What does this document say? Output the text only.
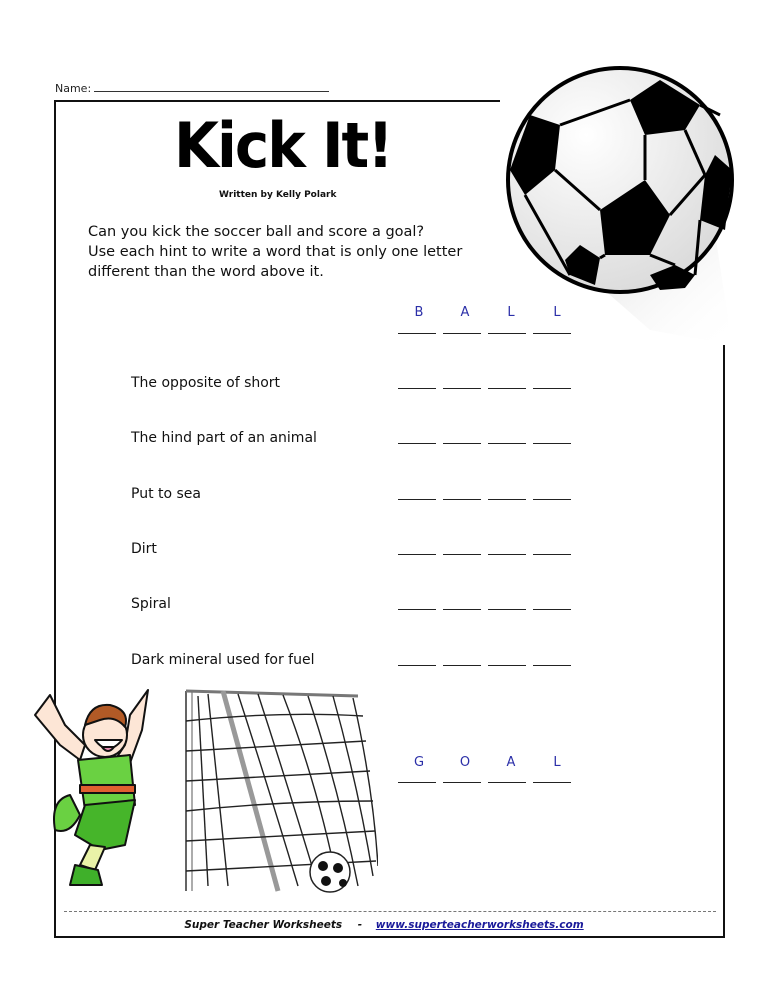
Name:
Kick It!
Written by Kelly Polark
Can you kick the soccer ball and score a goal?
Use each hint to write a word that is only one letter
different than the word above it.
B	A	L	L
The opposite of short
The hind part of an animal
Put to sea
Dirt
Spiral
Dark mineral used for fuel
G	O	A	L
Super Teacher Worksheets - www.superteacherworksheets.com
